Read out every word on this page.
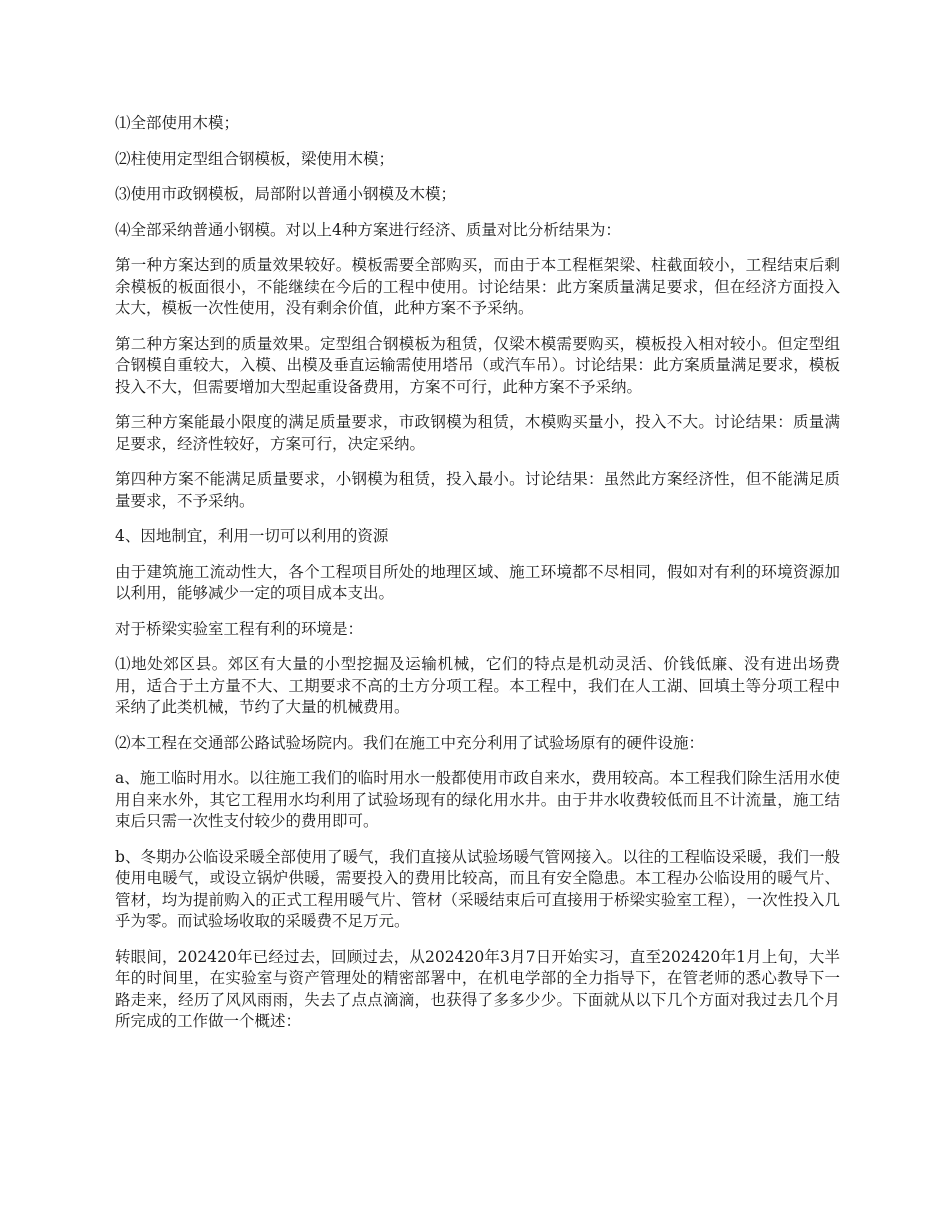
⑴全部使用木模；

⑵柱使用定型组合钢模板，梁使用木模；

⑶使用市政钢模板，局部附以普通小钢模及木模；

⑷全部采纳普通小钢模。对以上4种方案进行经济、质量对比分析结果为：

第一种方案达到的质量效果较好。模板需要全部购买，而由于本工程框架梁、柱截面较小，工程结束后剩余模板的板面很小，不能继续在今后的工程中使用。讨论结果：此方案质量满足要求，但在经济方面投入太大，模板一次性使用，没有剩余价值，此种方案不予采纳。

第二种方案达到的质量效果。定型组合钢模板为租赁，仅梁木模需要购买，模板投入相对较小。但定型组合钢模自重较大，入模、出模及垂直运输需使用塔吊（或汽车吊）。讨论结果：此方案质量满足要求，模板投入不大，但需要增加大型起重设备费用，方案不可行，此种方案不予采纳。

第三种方案能最小限度的满足质量要求，市政钢模为租赁，木模购买量小，投入不大。讨论结果：质量满足要求，经济性较好，方案可行，决定采纳。

第四种方案不能满足质量要求，小钢模为租赁，投入最小。讨论结果：虽然此方案经济性，但不能满足质量要求，不予采纳。

4、因地制宜，利用一切可以利用的资源

由于建筑施工流动性大，各个工程项目所处的地理区域、施工环境都不尽相同，假如对有利的环境资源加以利用，能够减少一定的项目成本支出。

对于桥梁实验室工程有利的环境是：

⑴地处郊区县。郊区有大量的小型挖掘及运输机械，它们的特点是机动灵活、价钱低廉、没有进出场费用，适合于土方量不大、工期要求不高的土方分项工程。本工程中，我们在人工湖、回填土等分项工程中采纳了此类机械，节约了大量的机械费用。

⑵本工程在交通部公路试验场院内。我们在施工中充分利用了试验场原有的硬件设施：

a、施工临时用水。以往施工我们的临时用水一般都使用市政自来水，费用较高。本工程我们除生活用水使用自来水外，其它工程用水均利用了试验场现有的绿化用水井。由于井水收费较低而且不计流量，施工结束后只需一次性支付较少的费用即可。

b、冬期办公临设采暖全部使用了暖气，我们直接从试验场暖气管网接入。以往的工程临设采暖，我们一般使用电暖气，或设立锅炉供暖，需要投入的费用比较高，而且有安全隐患。本工程办公临设用的暖气片、管材，均为提前购入的正式工程用暖气片、管材（采暖结束后可直接用于桥梁实验室工程），一次性投入几乎为零。而试验场收取的采暖费不足万元。

转眼间，202420年已经过去，回顾过去，从202420年3月7日开始实习，直至202420年1月上旬，大半年的时间里，在实验室与资产管理处的精密部署中，在机电学部的全力指导下，在管老师的悉心教导下一路走来，经历了风风雨雨，失去了点点滴滴，也获得了多多少少。下面就从以下几个方面对我过去几个月所完成的工作做一个概述：
